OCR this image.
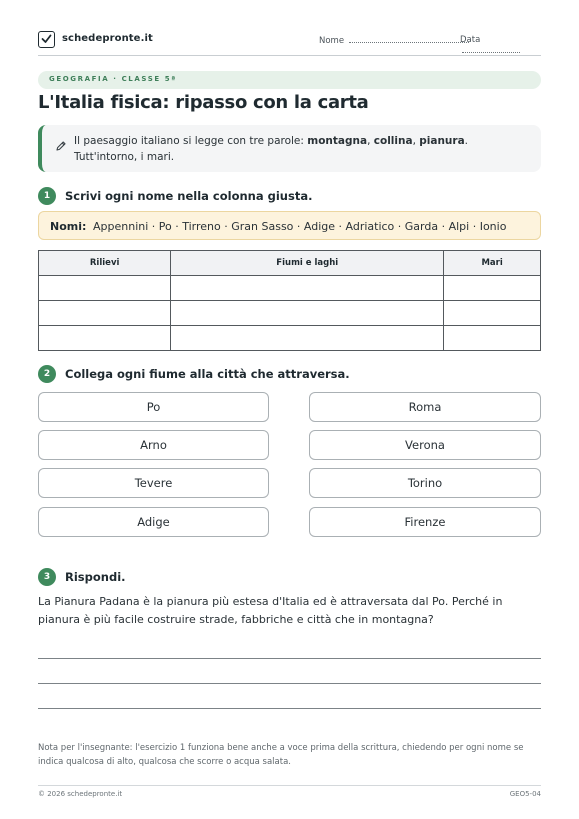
schedepronte.it	Nome	Data
GEOGRAFIA · CLASSE 5ª
L'Italia fisica: ripasso con la carta
Il paesaggio italiano si legge con tre parole: montagna, collina, pianura. Tutt'intorno, i mari.
1	Scrivi ogni nome nella colonna giusta.
Nomi: Appennini · Po · Tirreno · Gran Sasso · Adige · Adriatico · Garda · Alpi · Ionio
Rilievi	Fiumi e laghi	Mari

2	Collega ogni fiume alla città che attraversa.
Po
Arno
Tevere
Adige
Roma
Verona
Torino
Firenze
3	Rispondi.
La Pianura Padana è la pianura più estesa d'Italia ed è attraversata dal Po. Perché in pianura è più facile costruire strade, fabbriche e città che in montagna?
Nota per l'insegnante: l'esercizio 1 funziona bene anche a voce prima della scrittura, chiedendo per ogni nome se indica qualcosa di alto, qualcosa che scorre o acqua salata.
© 2026 schedepronte.it	GEO5-04
